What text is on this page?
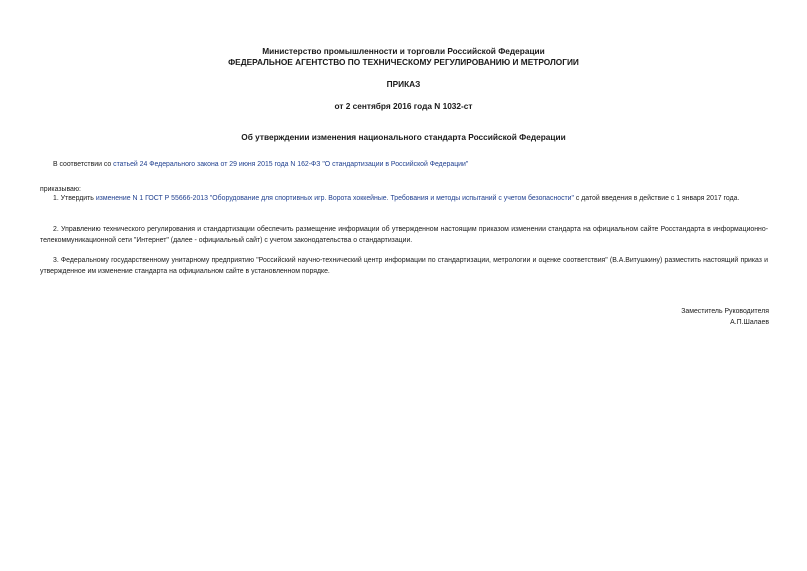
Министерство промышленности и торговли Российской Федерации
ФЕДЕРАЛЬНОЕ АГЕНТСТВО ПО ТЕХНИЧЕСКОМУ РЕГУЛИРОВАНИЮ И МЕТРОЛОГИИ
ПРИКАЗ
от 2 сентября 2016 года N 1032-ст
Об утверждении изменения национального стандарта Российской Федерации
В соответствии со статьей 24 Федерального закона от 29 июня 2015 года N 162-ФЗ "О стандартизации в Российской Федерации"
приказываю:
1. Утвердить изменение N 1 ГОСТ Р 55666-2013 "Оборудование для спортивных игр. Ворота хоккейные. Требования и методы испытаний с учетом безопасности" с датой введения в действие с 1 января 2017 года.
2. Управлению технического регулирования и стандартизации обеспечить размещение информации об утвержденном настоящим приказом изменении стандарта на официальном сайте Росстандарта в информационно-телекоммуникационной сети "Интернет" (далее - официальный сайт) с учетом законодательства о стандартизации.
3. Федеральному государственному унитарному предприятию "Российский научно-технический центр информации по стандартизации, метрологии и оценке соответствия" (В.А.Витушкину) разместить настоящий приказ и утвержденное им изменение стандарта на официальном сайте в установленном порядке.
Заместитель Руководителя
А.П.Шалаев
